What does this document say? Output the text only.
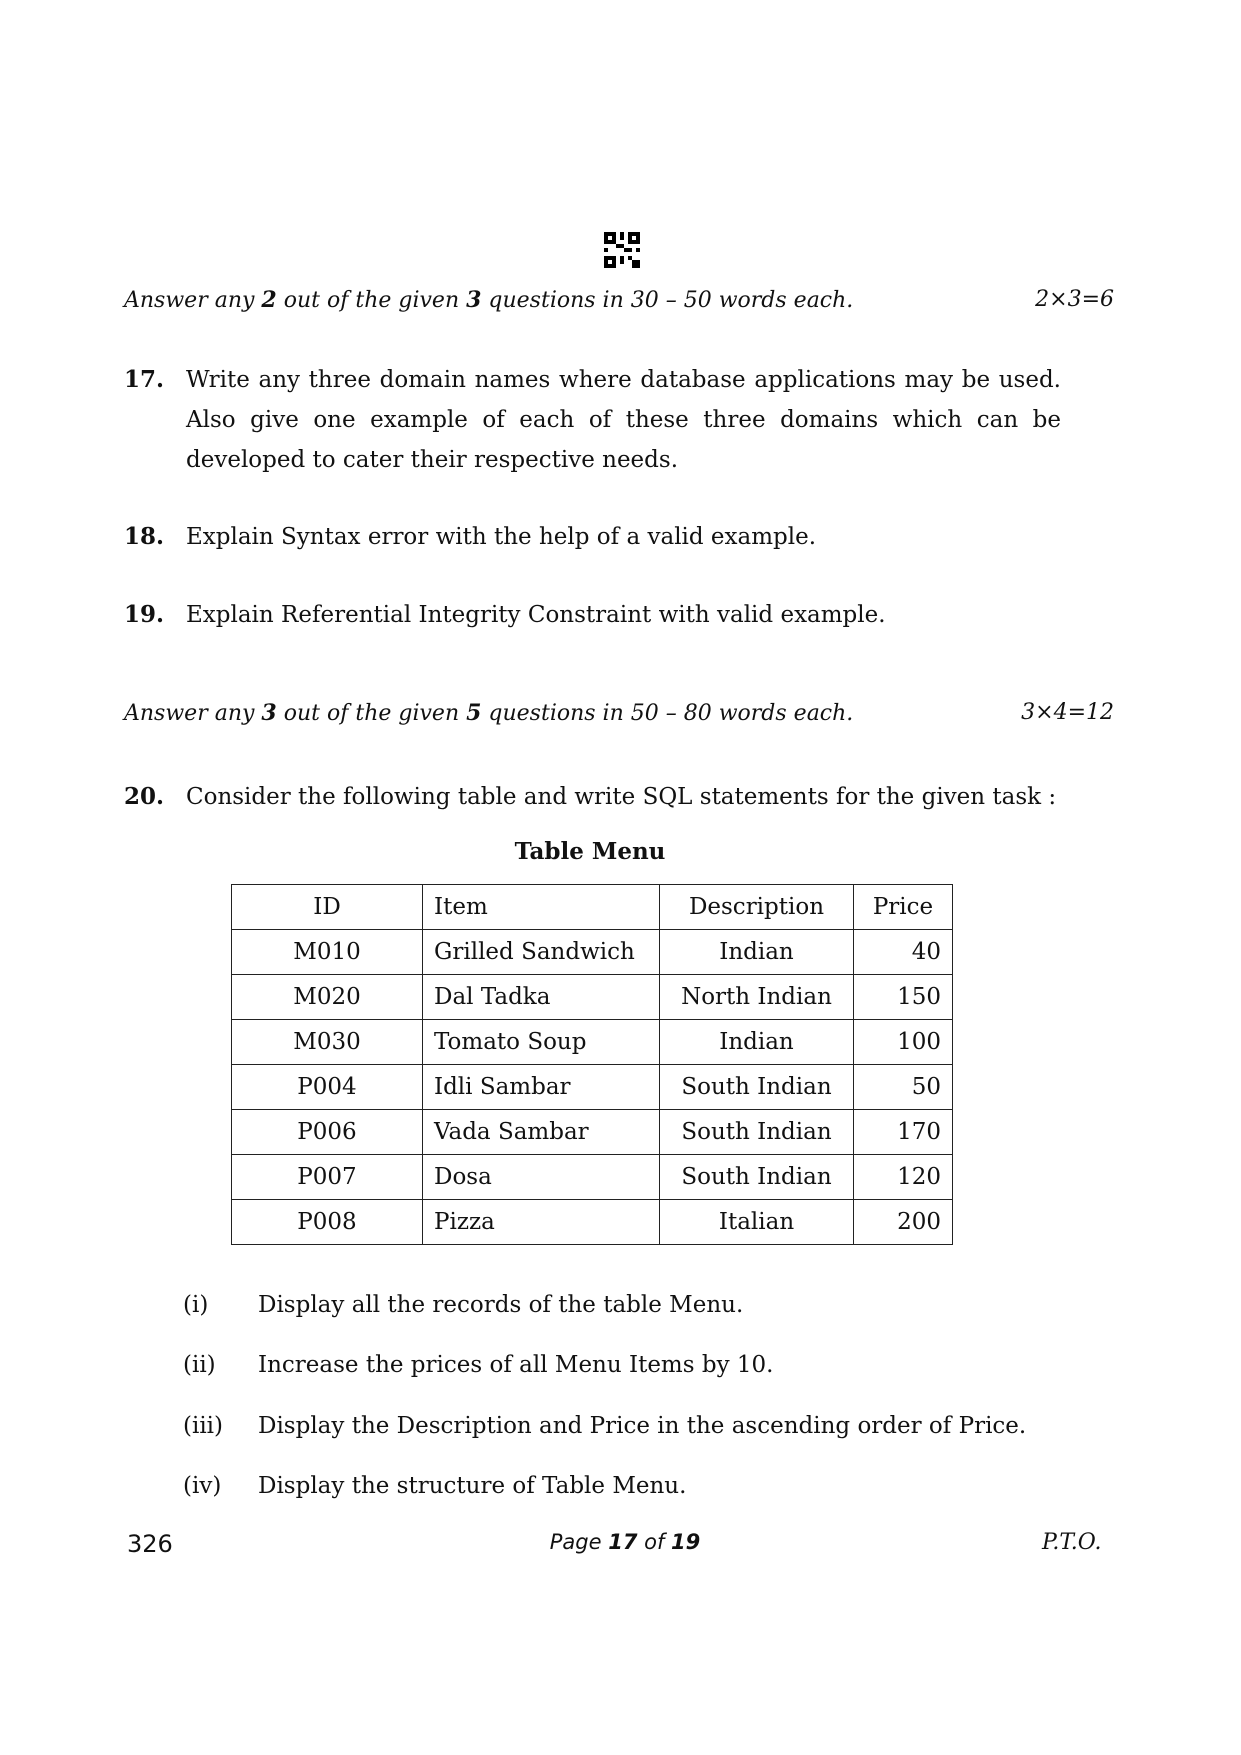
Answer any 2 out of the given 3 questions in 30 – 50 words each.	2×3=6
17. Write any three domain names where database applications may be used. Also give one example of each of these three domains which can be developed to cater their respective needs.
18. Explain Syntax error with the help of a valid example.
19. Explain Referential Integrity Constraint with valid example.
Answer any 3 out of the given 5 questions in 50 – 80 words each.	3×4=12
20. Consider the following table and write SQL statements for the given task :
Table Menu
ID	Item	Description	Price
M010	Grilled Sandwich	Indian	40
M020	Dal Tadka	North Indian	150
M030	Tomato Soup	Indian	100
P004	Idli Sambar	South Indian	50
P006	Vada Sambar	South Indian	170
P007	Dosa	South Indian	120
P008	Pizza	Italian	200
(i) Display all the records of the table Menu.
(ii) Increase the prices of all Menu Items by 10.
(iii) Display the Description and Price in the ascending order of Price.
(iv) Display the structure of Table Menu.
326	Page 17 of 19	P.T.O.
